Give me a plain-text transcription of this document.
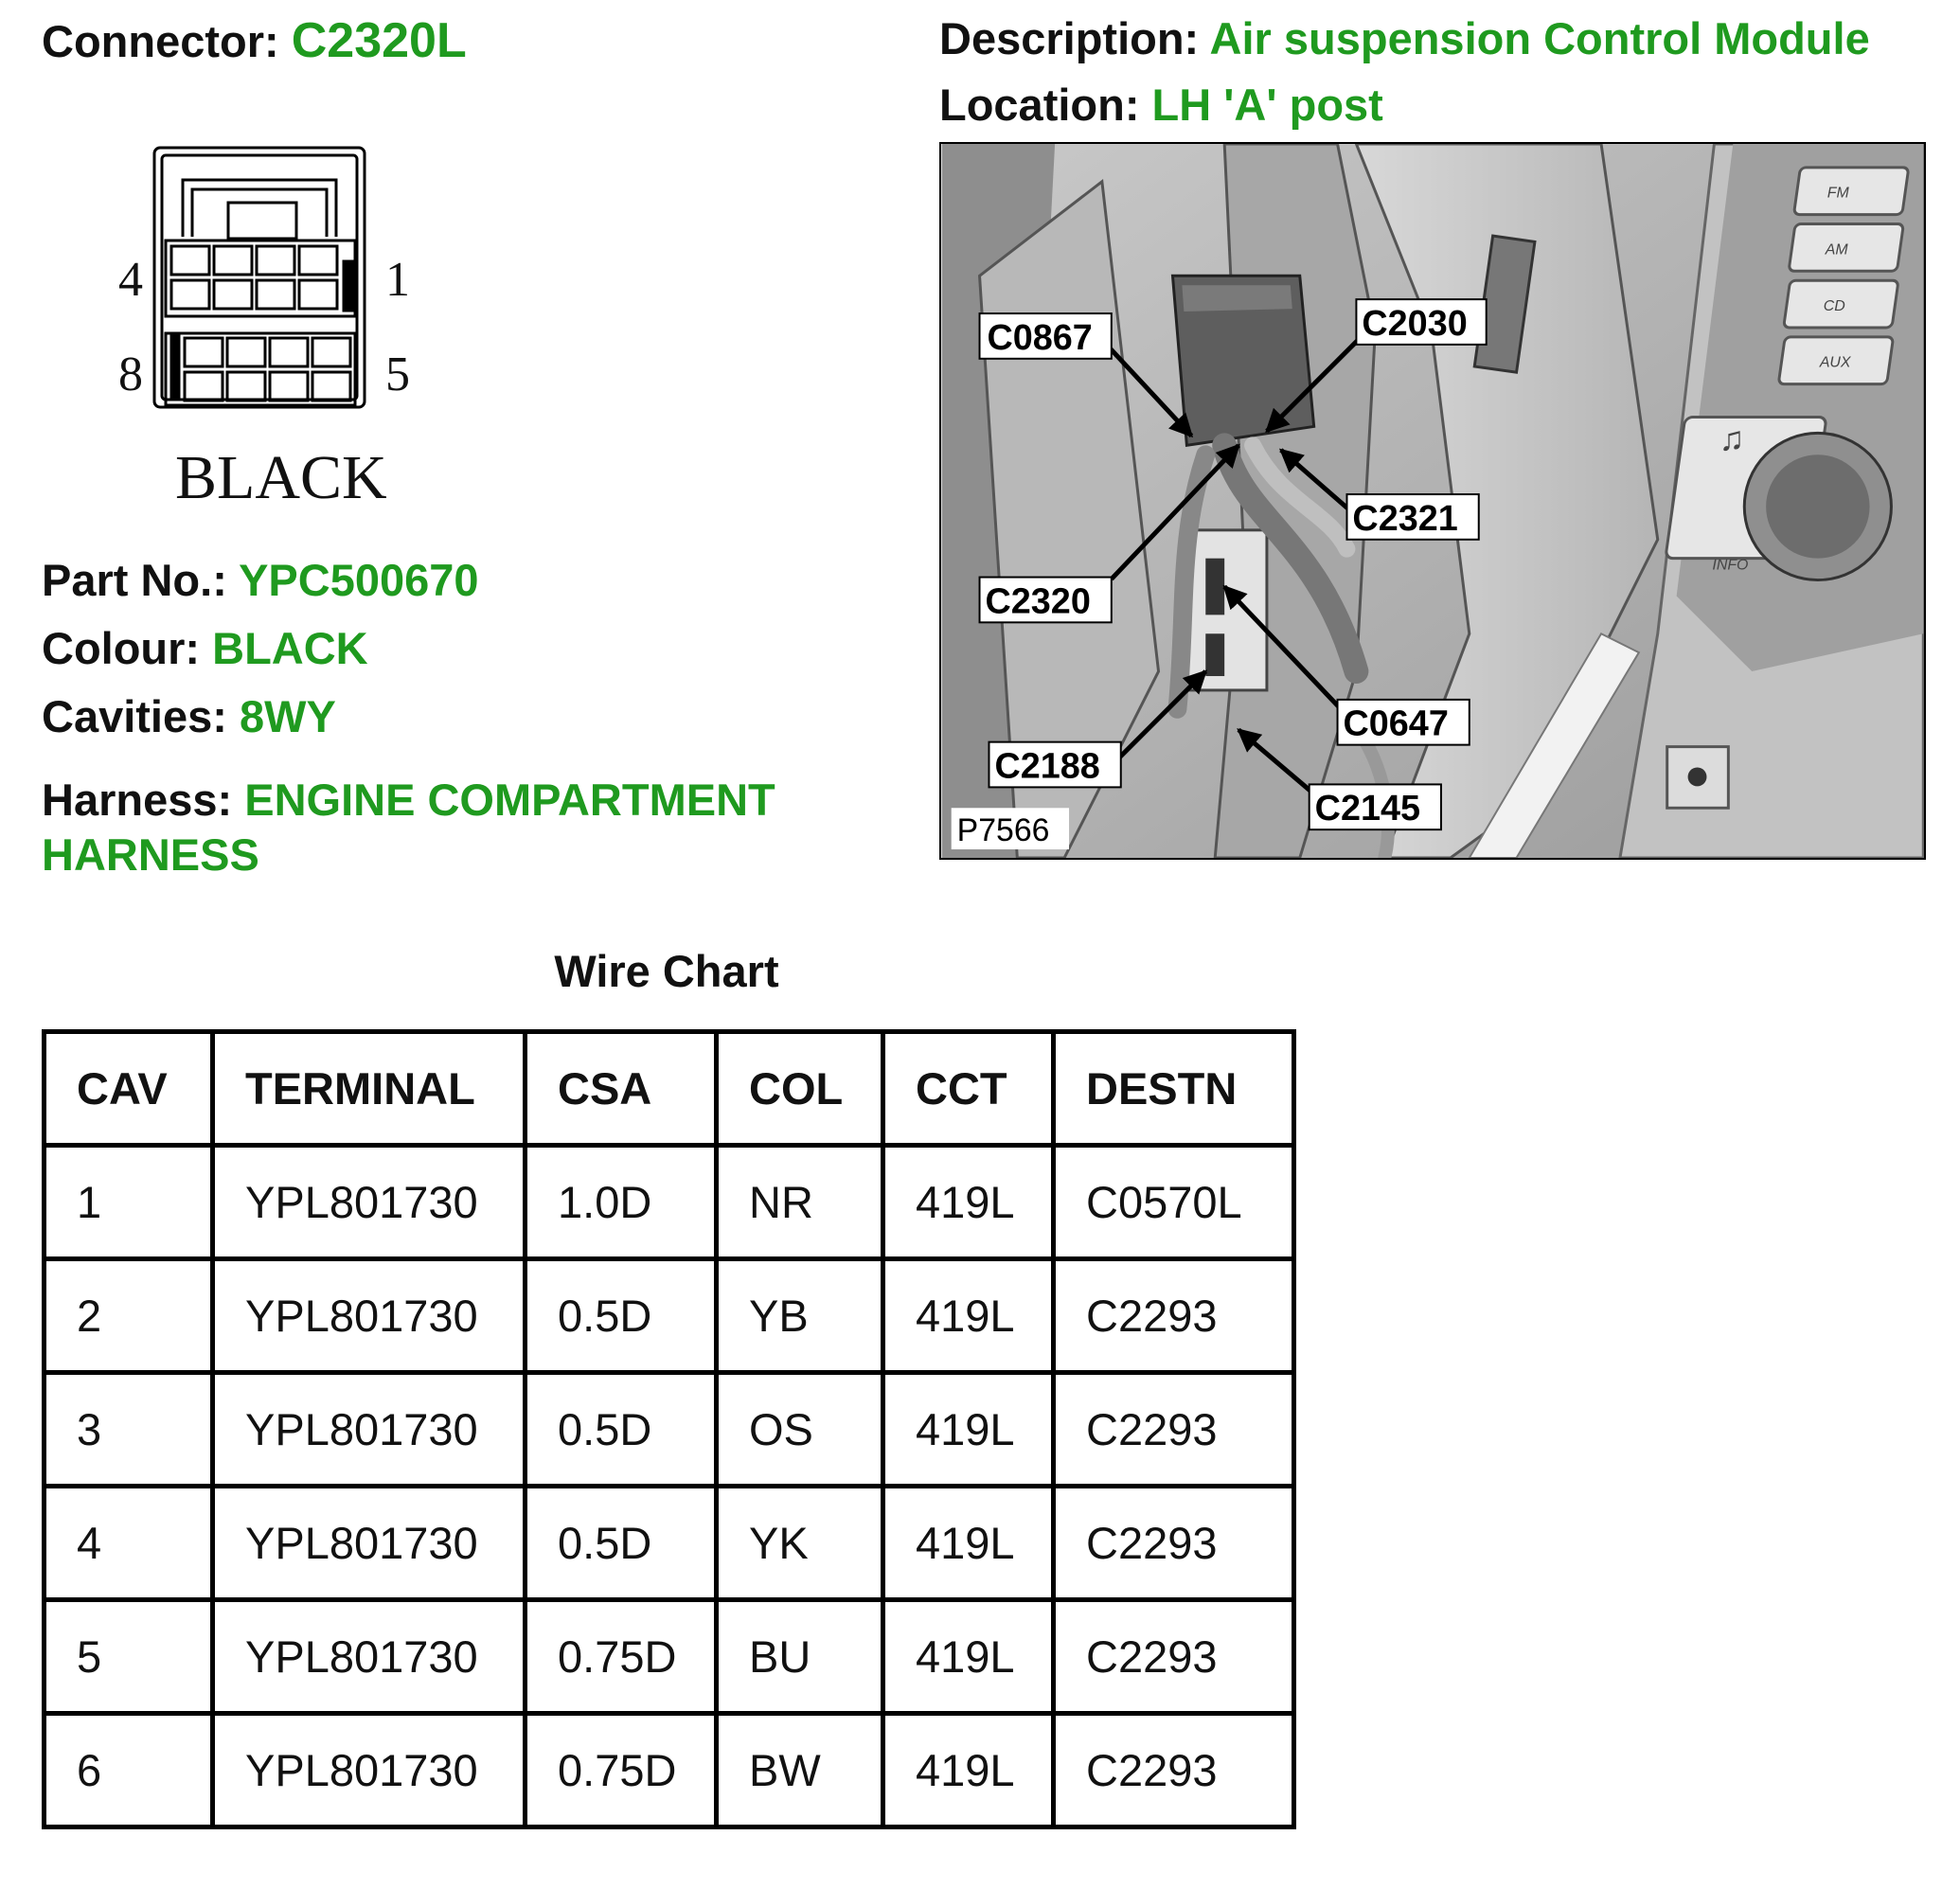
Connector: C2320L	Description: Air suspension Control Module
Location: LH 'A' post
4	1
8	5
BLACK
Part No.: YPC500670
Colour: BLACK
Cavities: 8WY
Harness: ENGINE COMPARTMENT HARNESS
FM
AM
CD
AUX
INFO
♫
C0867	C2030
C2321
C2320
C0647
C2188
C2145
P7566
Wire Chart
CAV	TERMINAL	CSA	COL	CCT	DESTN
1	YPL801730	1.0D	NR	419L	C0570L
2	YPL801730	0.5D	YB	419L	C2293
3	YPL801730	0.5D	OS	419L	C2293
4	YPL801730	0.5D	YK	419L	C2293
5	YPL801730	0.75D	BU	419L	C2293
6	YPL801730	0.75D	BW	419L	C2293
